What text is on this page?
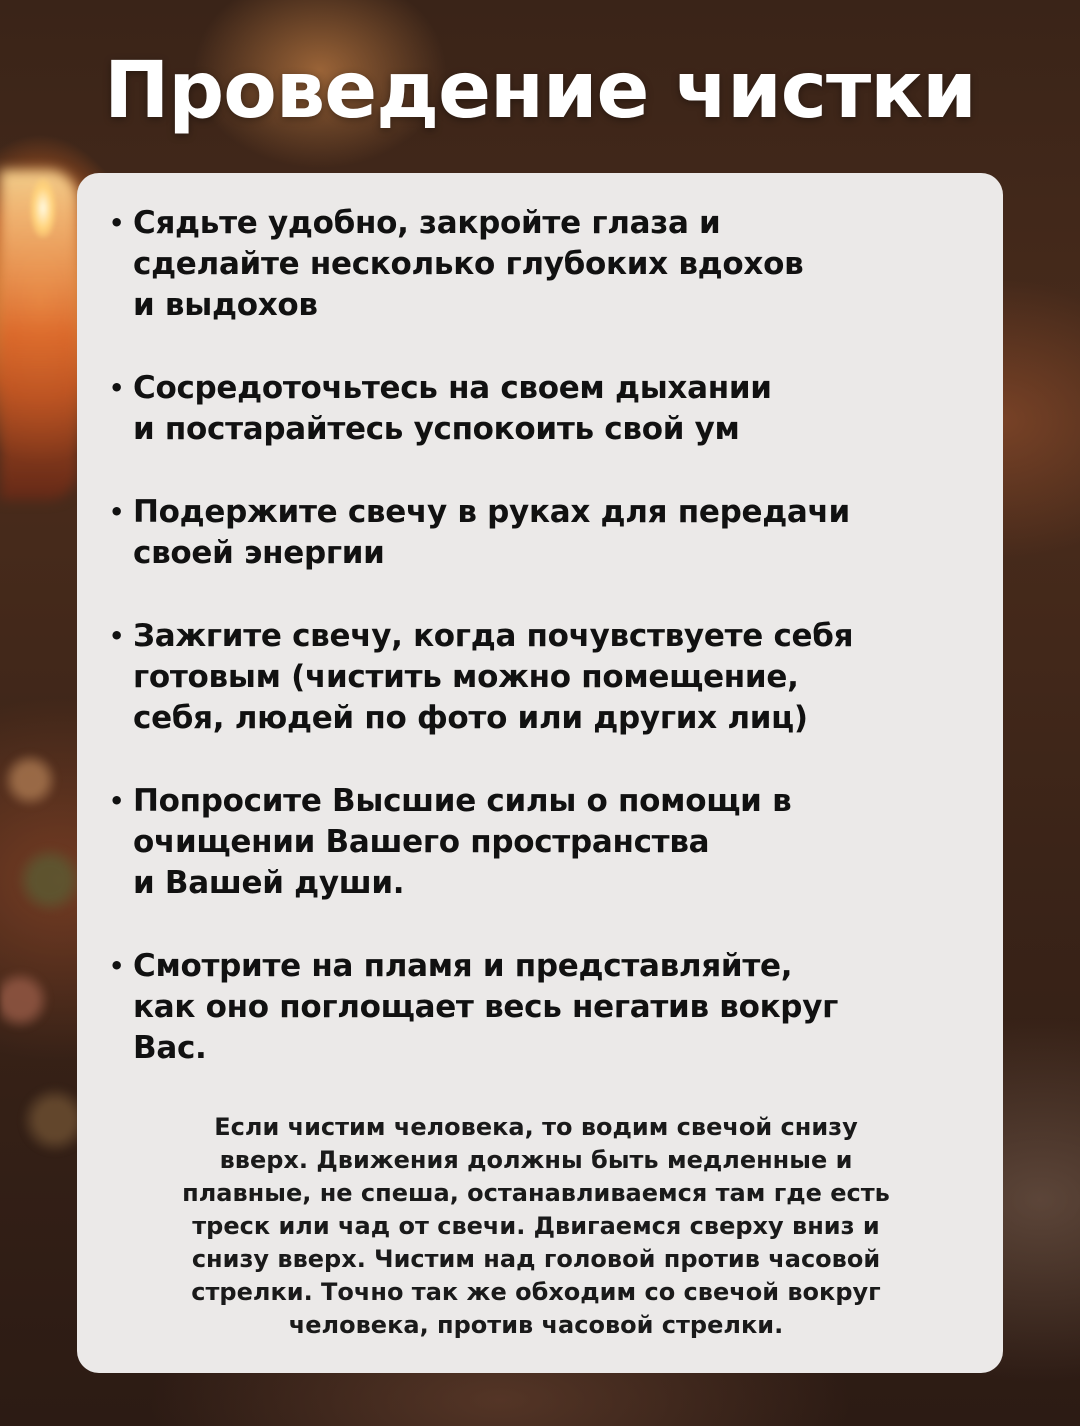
Проведение чистки
• Сядьте удобно, закройте глаза и
сделайте несколько глубоких вдохов
и выдохов
• Сосредоточьтесь на своем дыхании
и постарайтесь успокоить свой ум
• Подержите свечу в руках для передачи
своей энергии
• Зажгите свечу, когда почувствуете себя
готовым (чистить можно помещение,
себя, людей по фото или других лиц)
• Попросите Высшие силы о помощи в
очищении Вашего пространства
и Вашей души.
• Смотрите на пламя и представляйте,
как оно поглощает весь негатив вокруг
Вас.

Если чистим человека, то водим свечой снизу
вверх. Движения должны быть медленные и
плавные, не спеша, останавливаемся там где есть
треск или чад от свечи. Двигаемся сверху вниз и
снизу вверх. Чистим над головой против часовой
стрелки. Точно так же обходим со свечой вокруг
человека, против часовой стрелки.
